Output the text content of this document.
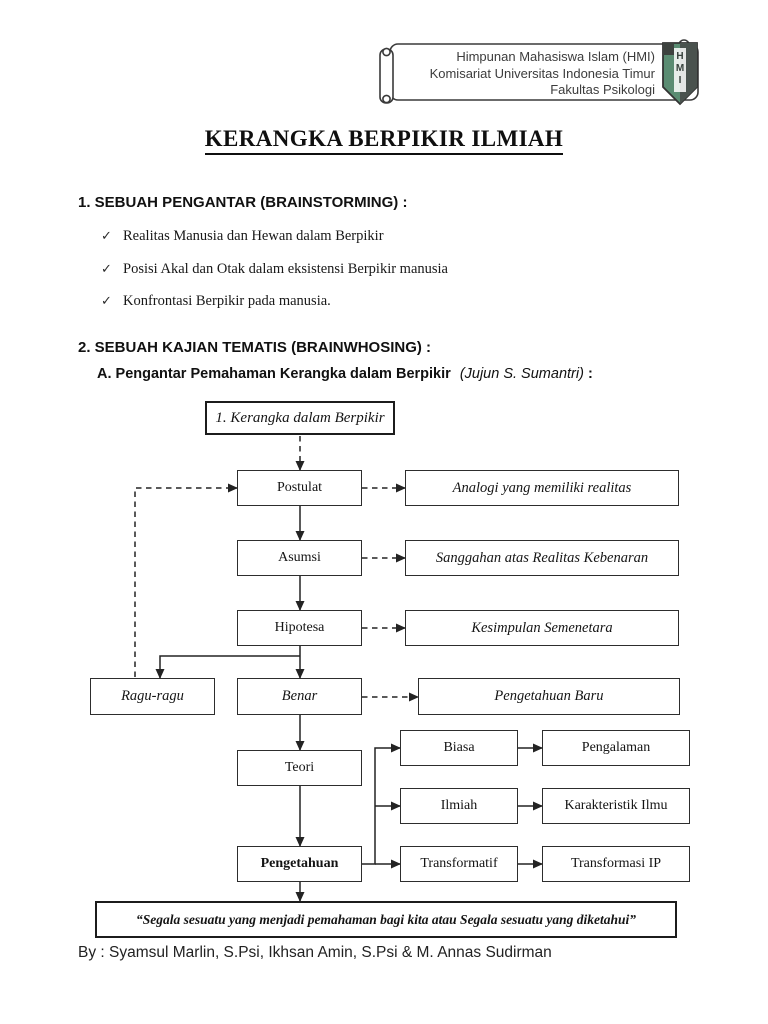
Himpunan Mahasiswa Islam (HMI)
Komisariat Universitas Indonesia Timur
Fakultas Psikologi
H
M
I
KERANGKA BERPIKIR ILMIAH
1. SEBUAH PENGANTAR (BRAINSTORMING) :
✓ Realitas Manusia dan Hewan dalam Berpikir
✓ Posisi Akal dan Otak dalam eksistensi Berpikir manusia
✓ Konfrontasi Berpikir pada manusia.
2. SEBUAH KAJIAN TEMATIS (BRAINWHOSING) :
A. Pengantar Pemahaman Kerangka dalam Berpikir (Jujun S. Sumantri) :
1. Kerangka dalam Berpikir
Postulat	Analogi yang memiliki realitas
Asumsi	Sanggahan atas Realitas Kebenaran
Hipotesa	Kesimpulan Semenetara
Ragu-ragu	Benar	Pengetahuan Baru
Teori
Biasa	Pengalaman
Ilmiah	Karakteristik Ilmu
Pengetahuan	Transformatif	Transformasi IP
“Segala sesuatu yang menjadi pemahaman bagi kita atau Segala sesuatu yang diketahui”
By : Syamsul Marlin, S.Psi, Ikhsan Amin, S.Psi & M. Annas Sudirman
